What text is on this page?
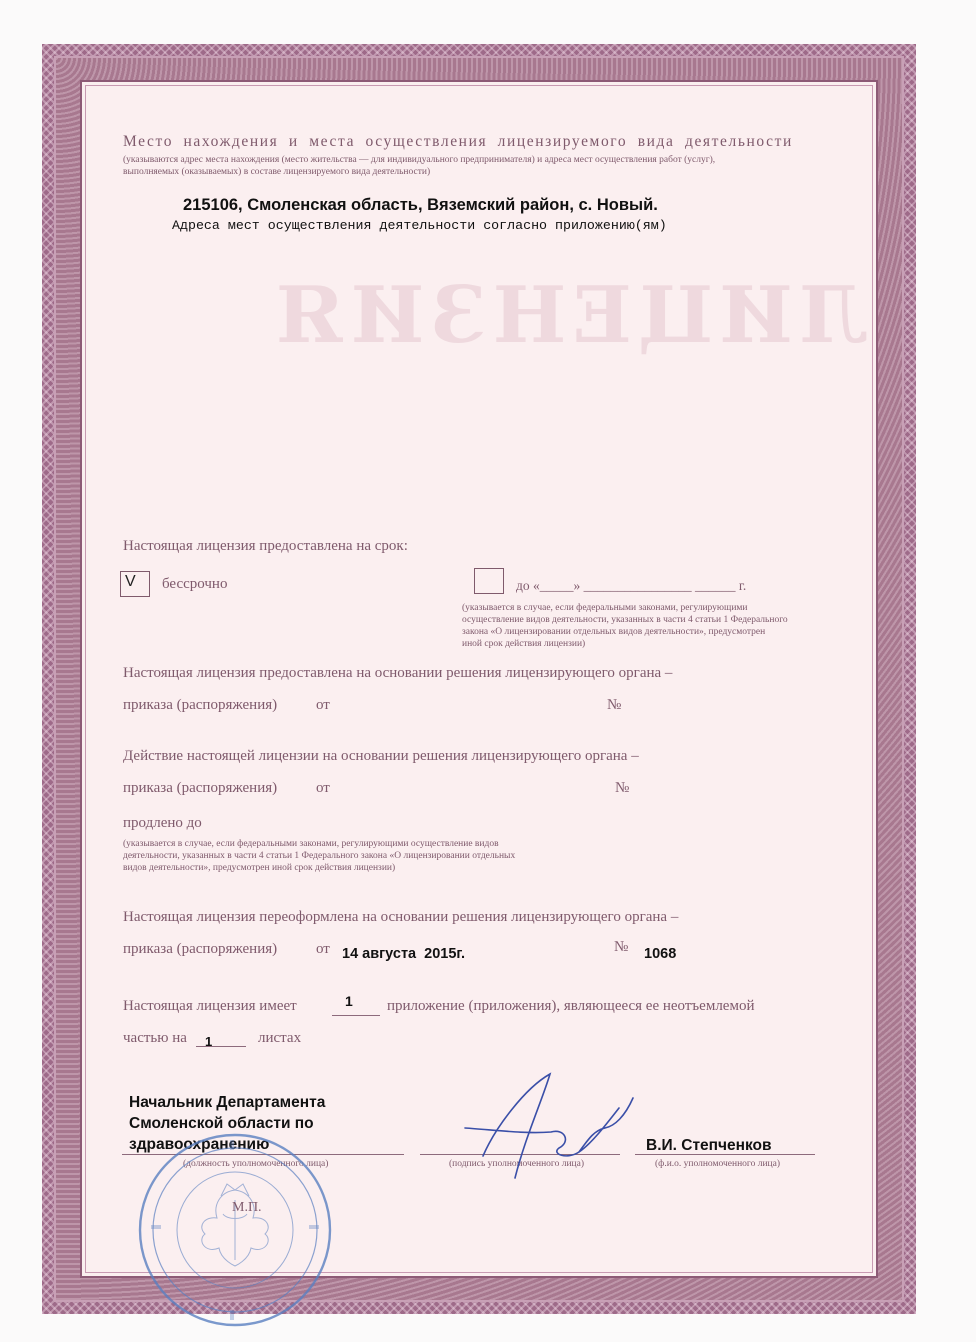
ЛИЦЕНЗИЯ
Место нахождения и места осуществления лицензируемого вида деятельности
(указываются адрес места нахождения (место жительства — для индивидуального предпринимателя) и адреса мест осуществления работ (услуг),
выполняемых (оказываемых) в составе лицензируемого вида деятельности)
215106, Смоленская область, Вяземский район, с. Новый.
Адреса мест осуществления деятельности согласно приложению(ям)
Настоящая лицензия предоставлена на срок:
V бессрочно	до «_____» ________________ ______ г.
(указывается в случае, если федеральными законами, регулирующими
осуществление видов деятельности, указанных в части 4 статьи 1 Федерального
закона «О лицензировании отдельных видов деятельности», предусмотрен
иной срок действия лицензии)
Настоящая лицензия предоставлена на основании решения лицензирующего органа –
приказа (распоряжения)	от	№
Действие настоящей лицензии на основании решения лицензирующего органа –
приказа (распоряжения)	от	№
продлено до
(указывается в случае, если федеральными законами, регулирующими осуществление видов
деятельности, указанных в части 4 статьи 1 Федерального закона «О лицензировании отдельных
видов деятельности», предусмотрен иной срок действия лицензии)
Настоящая лицензия переоформлена на основании решения лицензирующего органа –
приказа (распоряжения)	от 14 августа  2015г.	№ 1068
Настоящая лицензия имеет	1 приложение (приложения), являющееся ее неотъемлемой
частью на 1	листах
Начальник Департамента
Смоленской области по
здравоохранению
(должность уполномоченного лица)	(подпись уполномоченного лица)
В.И. Степченков
(ф.и.о. уполномоченного лица)
М.П.
